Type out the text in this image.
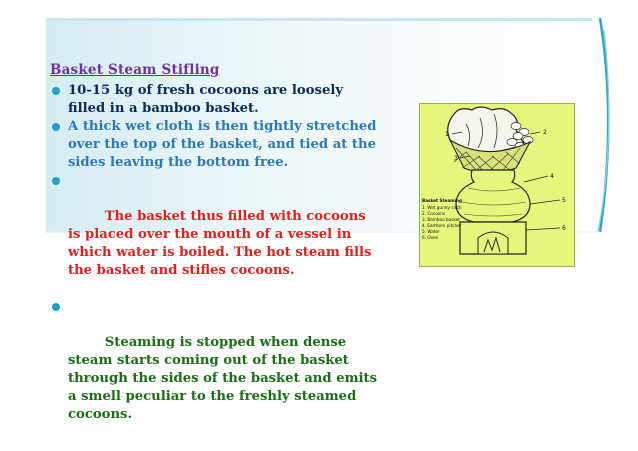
Basket Steam Stifling
10-15 kg of fresh cocoons are loosely filled in a bamboo basket.
A thick wet cloth is then tightly stretched over the top of the basket, and tied at the sides leaving the bottom free.

The basket thus filled with cocoons is placed over the mouth of a vessel in which water is boiled. The hot steam fills the basket and stifles cocoons.

Steaming is stopped when dense steam starts coming out of the basket through the sides of the basket and emits a smell peculiar to the freshly steamed cocoons.

1	2
3
4
5
6
Basket Steaming
1. Wet gunny cloth
2. Cocoons
3. Bamboo basket
4. Earthern pitcher
5. Water
6. Oven
